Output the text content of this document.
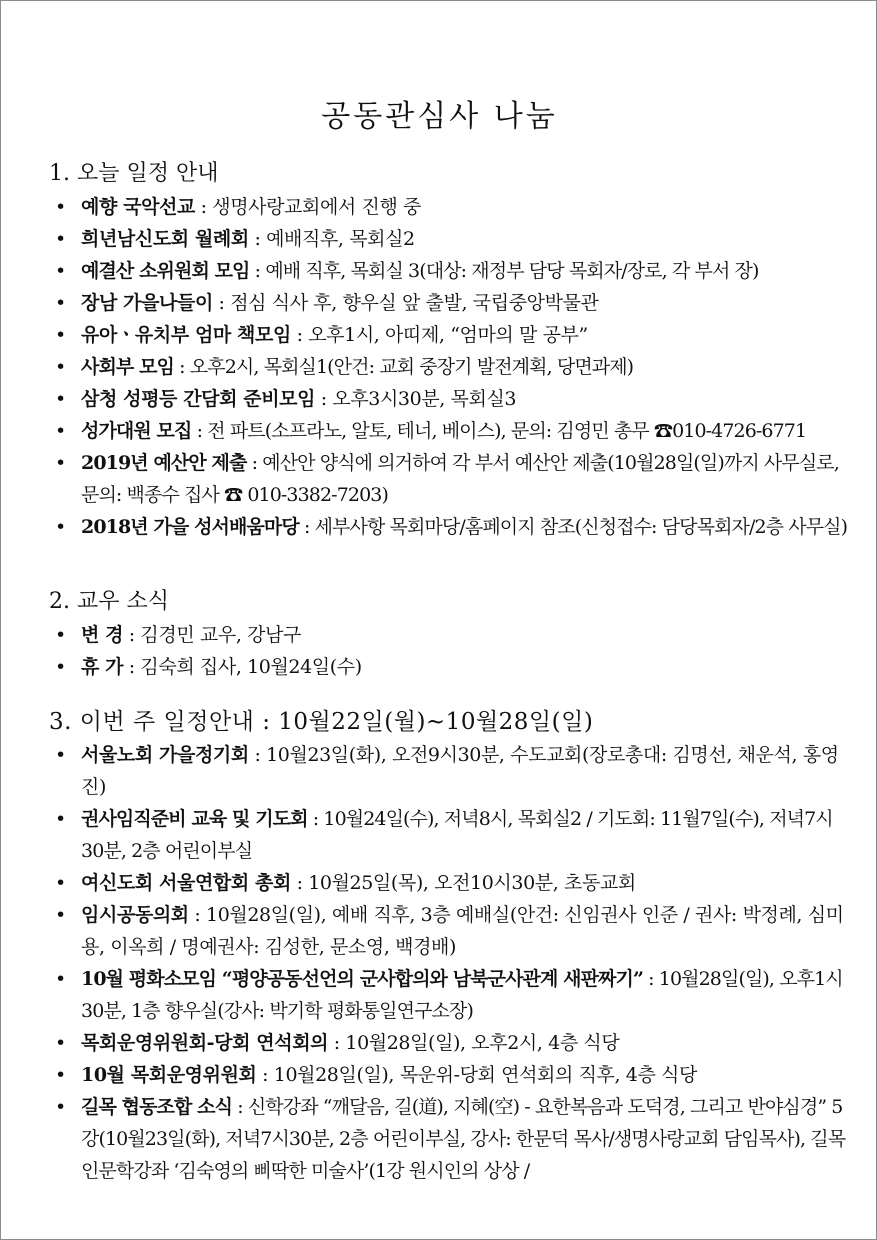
공동관심사 나눔
1. 오늘 일정 안내
• 예향 국악선교 : 생명사랑교회에서 진행 중
• 희년남신도회 월례회 : 예배직후, 목회실2
• 예결산 소위원회 모임 : 예배 직후, 목회실 3(대상: 재정부 담당 목회자/장로, 각 부서 장)
• 장남 가을나들이 : 점심 식사 후, 향우실 앞 출발, 국립중앙박물관
• 유아ㆍ유치부 엄마 책모임 : 오후1시, 아띠제, “엄마의 말 공부”
• 사회부 모임 : 오후2시, 목회실1(안건: 교회 중장기 발전계획, 당면과제)
• 삼청 성평등 간담회 준비모임 : 오후3시30분, 목회실3
• 성가대원 모집 : 전 파트(소프라노, 알토, 테너, 베이스), 문의: 김영민 총무 ☎010-4726-6771
• 2019년 예산안 제출 : 예산안 양식에 의거하여 각 부서 예산안 제출(10월28일(일)까지 사무실로, 문의: 백종수 집사 ☎ 010-3382-7203)
• 2018년 가을 성서배움마당 : 세부사항 목회마당/홈페이지 참조(신청접수: 담당목회자/2층 사무실)
2. 교우 소식
• 변 경 : 김경민 교우, 강남구
• 휴 가 : 김숙희 집사, 10월24일(수)
3. 이번 주 일정안내 : 10월22일(월)~10월28일(일)
• 서울노회 가을정기회 : 10월23일(화), 오전9시30분, 수도교회(장로총대: 김명선, 채운석, 홍영진)
• 권사임직준비 교육 및 기도회 : 10월24일(수), 저녁8시, 목회실2 / 기도회: 11월7일(수), 저녁7시30분, 2층 어린이부실
• 여신도회 서울연합회 총회 : 10월25일(목), 오전10시30분, 초동교회
• 임시공동의회 : 10월28일(일), 예배 직후, 3층 예배실(안건: 신임권사 인준 / 권사: 박정례, 심미용, 이옥희 / 명예권사: 김성한, 문소영, 백경배)
• 10월 평화소모임 “평양공동선언의 군사합의와 남북군사관계 새판짜기” : 10월28일(일), 오후1시30분, 1층 향우실(강사: 박기학 평화통일연구소장)
• 목회운영위원회-당회 연석회의 : 10월28일(일), 오후2시, 4층 식당
• 10월 목회운영위원회 : 10월28일(일), 목운위-당회 연석회의 직후, 4층 식당
• 길목 협동조합 소식 : 신학강좌 “깨달음, 길(道), 지혜(空) - 요한복음과 도덕경, 그리고 반야심경” 5강(10월23일(화), 저녁7시30분, 2층 어린이부실, 강사: 한문덕 목사/생명사랑교회 담임목사), 길목 인문학강좌 ‘김숙영의 삐딱한 미술사’(1강 원시인의 상상 /
